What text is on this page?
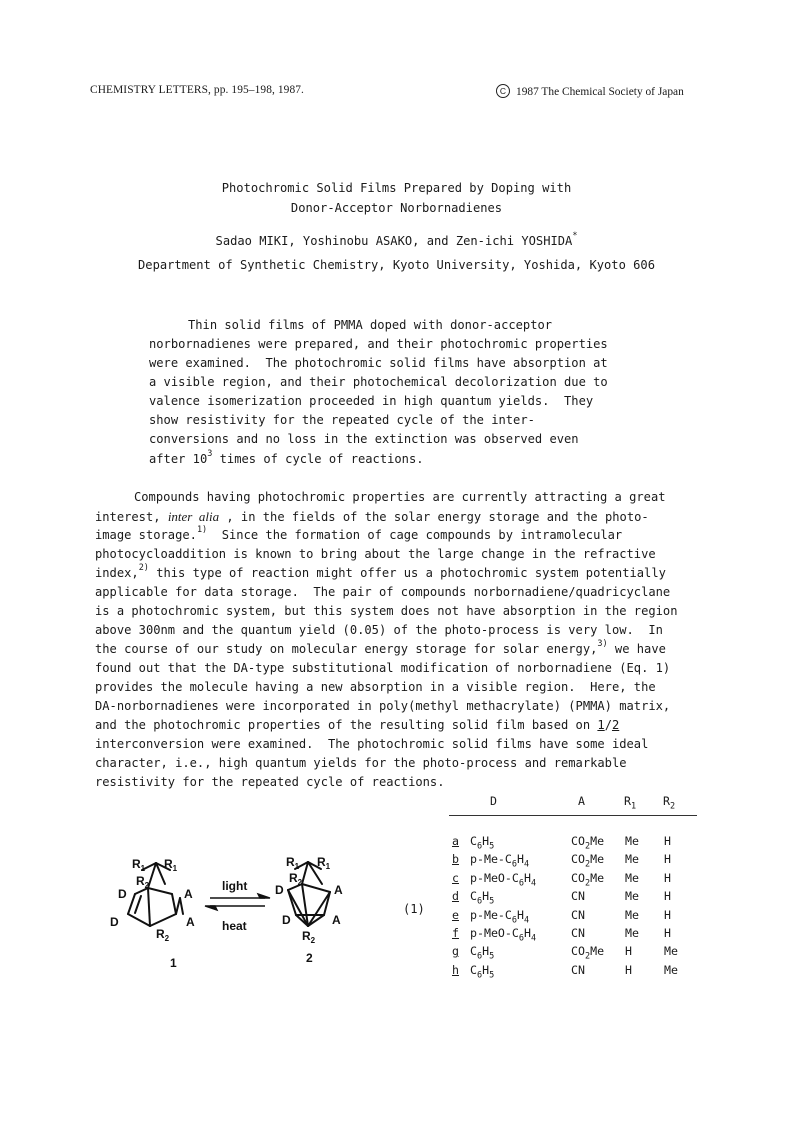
CHEMISTRY LETTERS, pp. 195–198, 1987.	C 1987 The Chemical Society of Japan
Photochromic Solid Films Prepared by Doping with
Donor-Acceptor Norbornadienes
Sadao MIKI, Yoshinobu ASAKO, and Zen-ichi YOSHIDA*
Department of Synthetic Chemistry, Kyoto University, Yoshida, Kyoto 606
Thin solid films of PMMA doped with donor-acceptor
norbornadienes were prepared, and their photochromic properties
were examined.  The photochromic solid films have absorption at
a visible region, and their photochemical decolorization due to
valence isomerization proceeded in high quantum yields.  They
show resistivity for the repeated cycle of the inter-
conversions and no loss in the extinction was observed even
after $10^3$ times of cycle of reactions.
Compounds having photochromic properties are currently attracting a great
interest, inter  alia , in the fields of the solar energy storage and the photo-
image storage.$^{1)}$  Since the formation of cage compounds by intramolecular
photocycloaddition is known to bring about the large change in the refractive
index,$^{2)}$ this type of reaction might offer us a photochromic system potentially
applicable for data storage.  The pair of compounds norbornadiene/quadricyclane
is a photochromic system, but this system does not have absorption in the region
above 300nm and the quantum yield (0.05) of the photo-process is very low.  In
the course of our study on molecular energy storage for solar energy,$^{3)}$ we have
found out that the DA-type substitutional modification of norbornadiene (Eq. 1)
provides the molecule having a new absorption in a visible region.  Here, the
DA-norbornadienes were incorporated in poly(methyl methacrylate) (PMMA) matrix,
and the photochromic properties of the resulting solid film based on 1/2
interconversion were examined.  The photochromic solid films have some ideal
character, i.e., high quantum yields for the photo-process and remarkable
resistivity for the repeated cycle of reactions.
D	A	$R_1$ $R_2$
a $C_6H_5$	$CO_2Me$ Me H
b $p-Me-C_6H_4$	$CO_2Me$ Me H
c $p-MeO-C_6H_4$	$CO_2Me$ Me H
d $C_6H_5$	CN	Me H
e $p-Me-C_6H_4$	CN	Me H
f $p-MeO-C_6H_4$	CN	Me H
g $C_6H_5$	$CO_2Me$ H	Me
h $C_6H_5$	CN	H	Me
$R_1$ $R_1$
$R_2$
D	A
D	A
$R_2$
light
heat
$R_1$ $R_1$
$R_2$
D	A
D	A
$R_2$
1	2
(1)
